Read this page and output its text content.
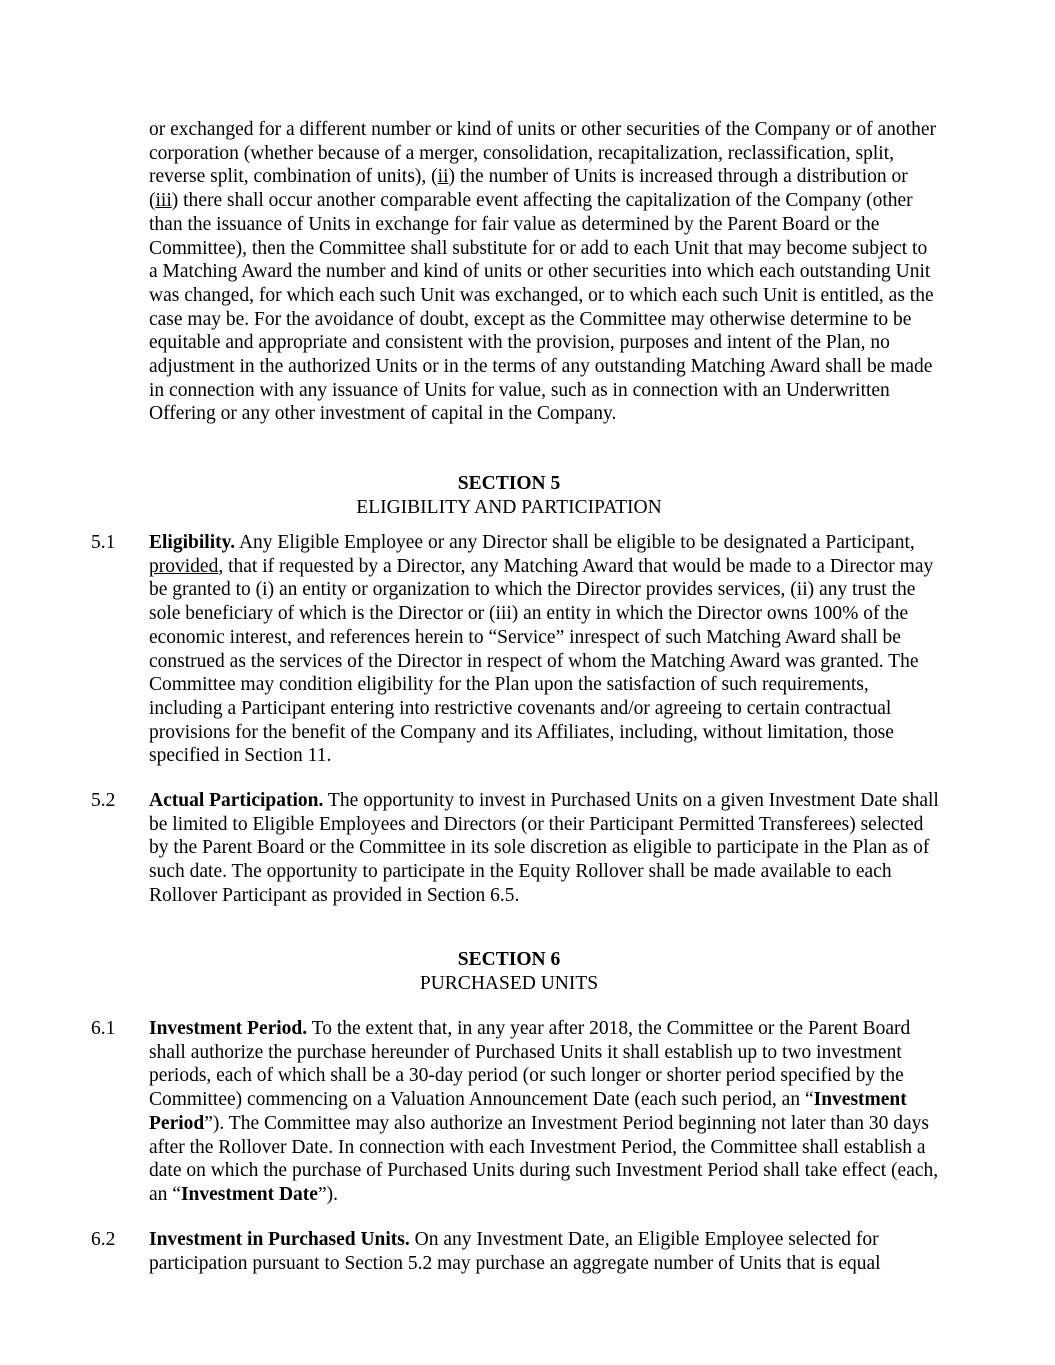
or exchanged for a different number or kind of units or other securities of the Company or of another corporation (whether because of a merger, consolidation, recapitalization, reclassification, split, reverse split, combination of units), (ii) the number of Units is increased through a distribution or (iii) there shall occur another comparable event affecting the capitalization of the Company (other than the issuance of Units in exchange for fair value as determined by the Parent Board or the Committee), then the Committee shall substitute for or add to each Unit that may become subject to a Matching Award the number and kind of units or other securities into which each outstanding Unit was changed, for which each such Unit was exchanged, or to which each such Unit is entitled, as the case may be. For the avoidance of doubt, except as the Committee may otherwise determine to be equitable and appropriate and consistent with the provision, purposes and intent of the Plan, no adjustment in the authorized Units or in the terms of any outstanding Matching Award shall be made in connection with any issuance of Units for value, such as in connection with an Underwritten Offering or any other investment of capital in the Company.
SECTION 5
ELIGIBILITY AND PARTICIPATION
5.1 Eligibility. Any Eligible Employee or any Director shall be eligible to be designated a Participant, provided, that if requested by a Director, any Matching Award that would be made to a Director may be granted to (i) an entity or organization to which the Director provides services, (ii) any trust the sole beneficiary of which is the Director or (iii) an entity in which the Director owns 100% of the economic interest, and references herein to “Service” inrespect of such Matching Award shall be construed as the services of the Director in respect of whom the Matching Award was granted. The Committee may condition eligibility for the Plan upon the satisfaction of such requirements, including a Participant entering into restrictive covenants and/or agreeing to certain contractual provisions for the benefit of the Company and its Affiliates, including, without limitation, those specified in Section 11.
5.2 Actual Participation. The opportunity to invest in Purchased Units on a given Investment Date shall be limited to Eligible Employees and Directors (or their Participant Permitted Transferees) selected by the Parent Board or the Committee in its sole discretion as eligible to participate in the Plan as of such date. The opportunity to participate in the Equity Rollover shall be made available to each Rollover Participant as provided in Section 6.5.
SECTION 6
PURCHASED UNITS
6.1 Investment Period. To the extent that, in any year after 2018, the Committee or the Parent Board shall authorize the purchase hereunder of Purchased Units it shall establish up to two investment periods, each of which shall be a 30-day period (or such longer or shorter period specified by the Committee) commencing on a Valuation Announcement Date (each such period, an “Investment Period”). The Committee may also authorize an Investment Period beginning not later than 30 days after the Rollover Date. In connection with each Investment Period, the Committee shall establish a date on which the purchase of Purchased Units during such Investment Period shall take effect (each, an “Investment Date”).
6.2 Investment in Purchased Units. On any Investment Date, an Eligible Employee selected for participation pursuant to Section 5.2 may purchase an aggregate number of Units that is equal
